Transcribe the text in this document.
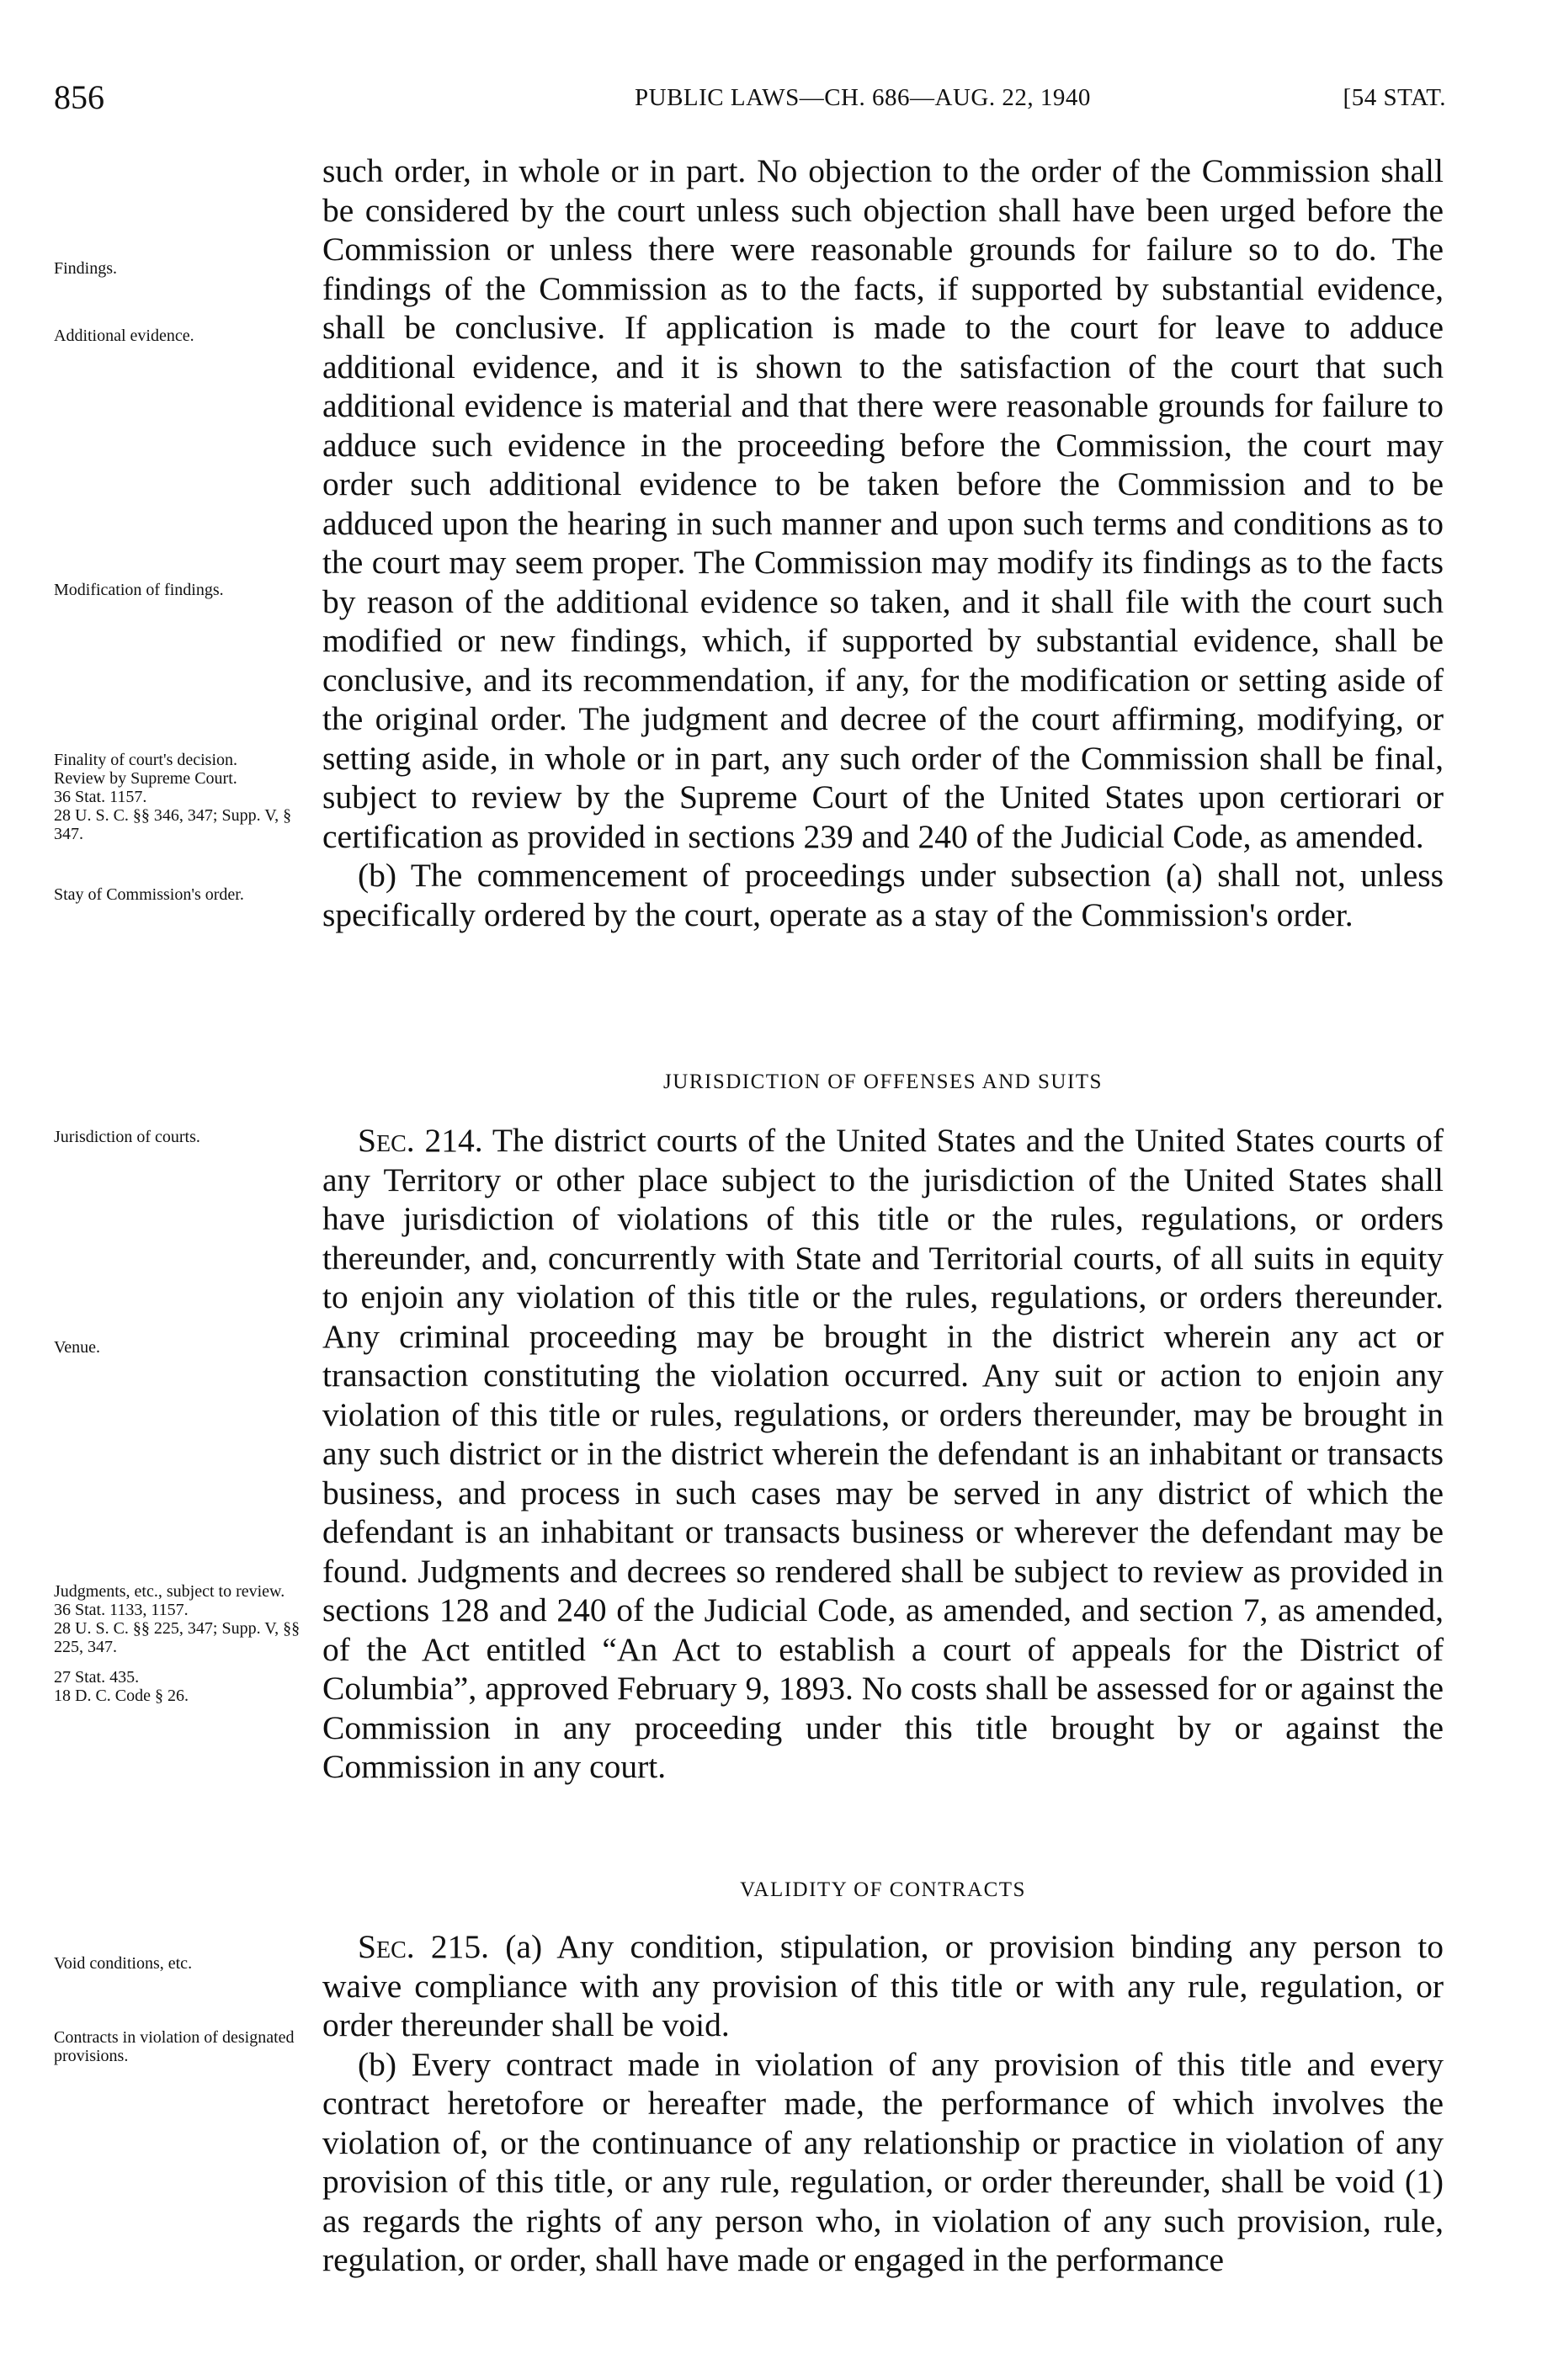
856	PUBLIC LAWS—CH. 686—AUG. 22, 1940	[54 STAT.
Findings.
Additional evidence.
Modification of findings.
Finality of court's decision.
Review by Supreme Court.
36 Stat. 1157.
28 U. S. C. §§ 346, 347; Supp. V, § 347.
Stay of Commission's order.
Jurisdiction of courts.
Venue.
Judgments, etc., subject to review.
36 Stat. 1133, 1157.
28 U. S. C. §§ 225, 347; Supp. V, §§ 225, 347.
27 Stat. 435.
18 D. C. Code § 26.
Void conditions, etc.
Contracts in violation of designated provisions.

such order, in whole or in part. No objection to the order of the Commission shall be considered by the court unless such objection shall have been urged before the Commission or unless there were reasonable grounds for failure so to do. The findings of the Commission as to the facts, if supported by substantial evidence, shall be conclusive. If application is made to the court for leave to adduce additional evidence, and it is shown to the satisfaction of the court that such additional evidence is material and that there were reasonable grounds for failure to adduce such evidence in the proceeding before the Commission, the court may order such additional evidence to be taken before the Commission and to be adduced upon the hearing in such manner and upon such terms and conditions as to the court may seem proper. The Commission may modify its findings as to the facts by reason of the additional evidence so taken, and it shall file with the court such modified or new findings, which, if supported by substantial evidence, shall be conclusive, and its recommendation, if any, for the modification or setting aside of the original order. The judgment and decree of the court affirming, modifying, or setting aside, in whole or in part, any such order of the Commission shall be final, subject to review by the Supreme Court of the United States upon certiorari or certification as provided in sections 239 and 240 of the Judicial Code, as amended.

(b) The commencement of proceedings under subsection (a) shall not, unless specifically ordered by the court, operate as a stay of the Commission's order.

JURISDICTION OF OFFENSES AND SUITS

Sec. 214. The district courts of the United States and the United States courts of any Territory or other place subject to the jurisdiction of the United States shall have jurisdiction of violations of this title or the rules, regulations, or orders thereunder, and, concurrently with State and Territorial courts, of all suits in equity to enjoin any violation of this title or the rules, regulations, or orders thereunder. Any criminal proceeding may be brought in the district wherein any act or transaction constituting the violation occurred. Any suit or action to enjoin any violation of this title or rules, regulations, or orders thereunder, may be brought in any such district or in the district wherein the defendant is an inhabitant or transacts business, and process in such cases may be served in any district of which the defendant is an inhabitant or transacts business or wherever the defendant may be found. Judgments and decrees so rendered shall be subject to review as provided in sections 128 and 240 of the Judicial Code, as amended, and section 7, as amended, of the Act entitled “An Act to establish a court of appeals for the District of Columbia”, approved February 9, 1893. No costs shall be assessed for or against the Commission in any proceeding under this title brought by or against the Commission in any court.

VALIDITY OF CONTRACTS

Sec. 215. (a) Any condition, stipulation, or provision binding any person to waive compliance with any provision of this title or with any rule, regulation, or order thereunder shall be void.

(b) Every contract made in violation of any provision of this title and every contract heretofore or hereafter made, the performance of which involves the violation of, or the continuance of any relationship or practice in violation of any provision of this title, or any rule, regulation, or order thereunder, shall be void (1) as regards the rights of any person who, in violation of any such provision, rule, regulation, or order, shall have made or engaged in the performance
